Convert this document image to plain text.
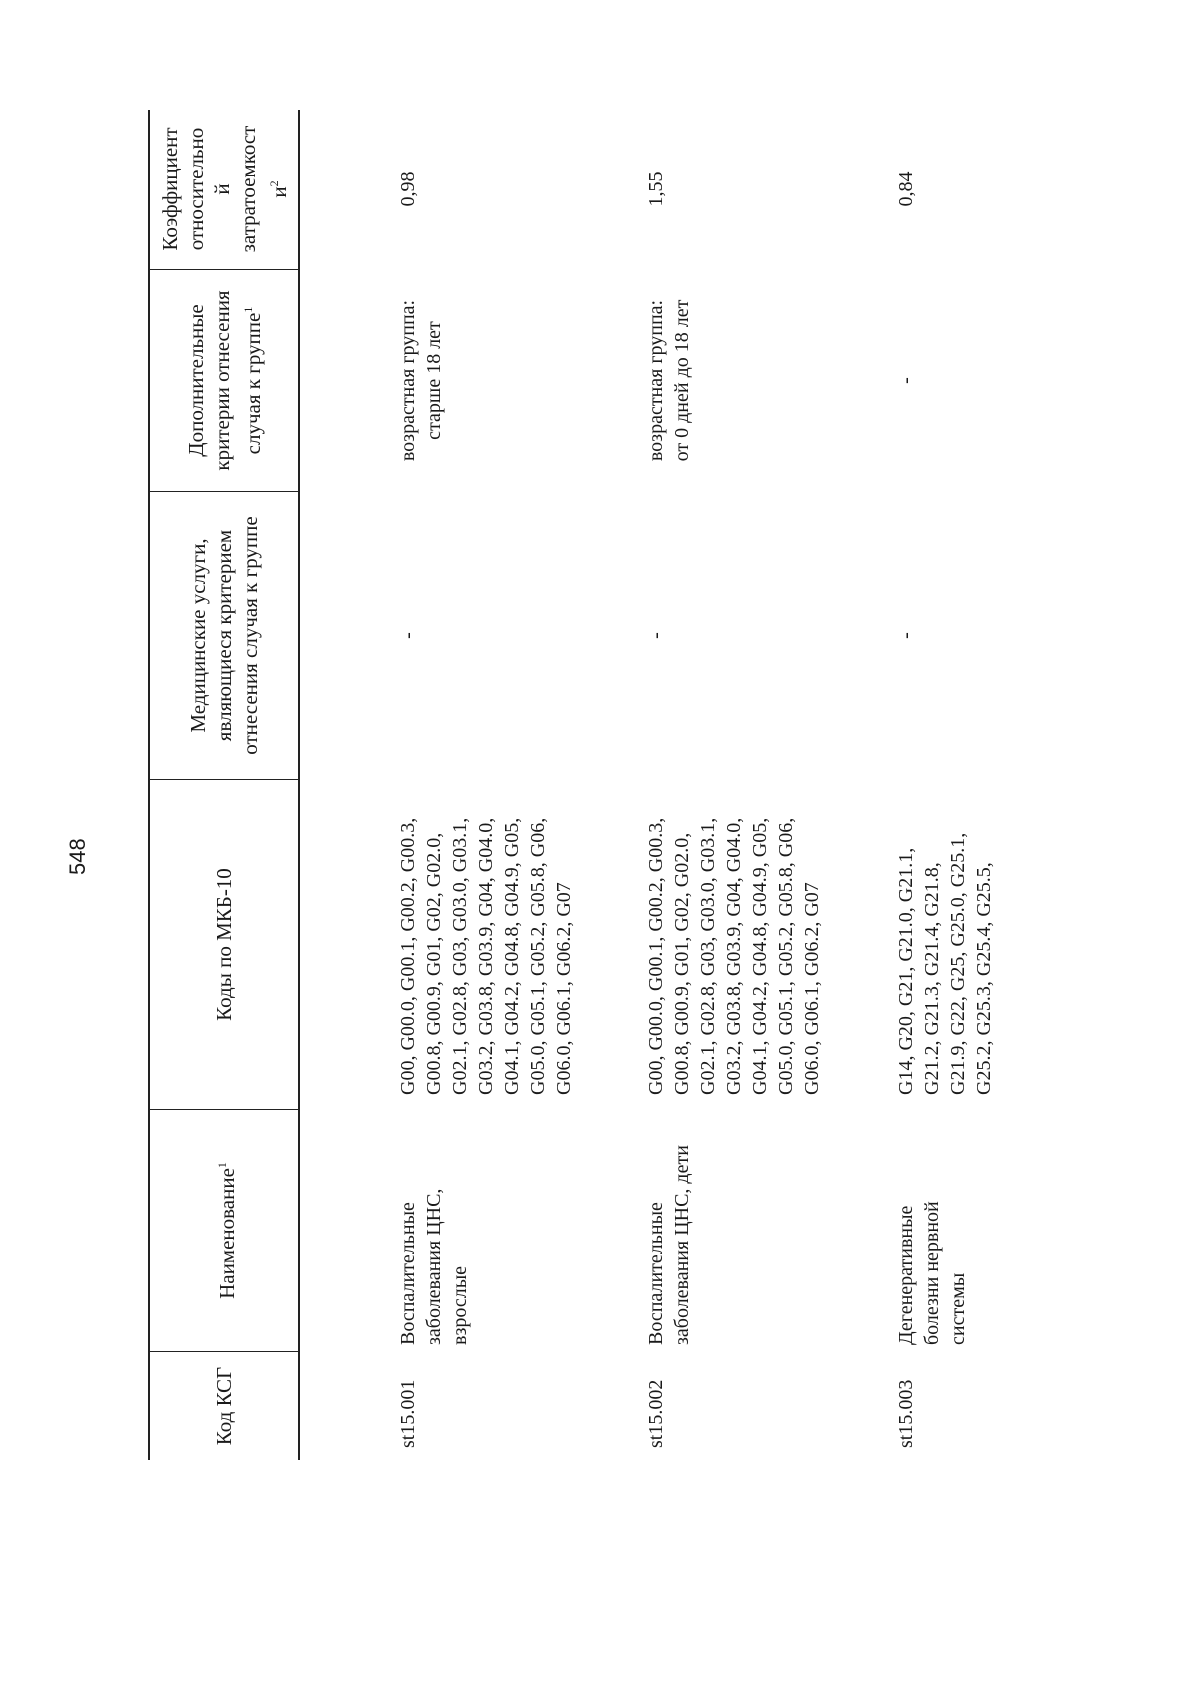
548
Код КСГ
Наименование$^1$
Коды по МКБ-10
Медицинские услуги, являющиеся критерием отнесения случая к группе
Дополнительные критерии отнесения случая к группе$^1$
Коэффициент относительно й затратоемкост $и^2$
st15.001
Воспалительные заболевания ЦНС, взрослые
G00, G00.0, G00.1, G00.2, G00.3, G00.8, G00.9, G01, G02, G02.0, G02.1, G02.8, G03, G03.0, G03.1, G03.2, G03.8, G03.9, G04, G04.0, G04.1, G04.2, G04.8, G04.9, G05, G05.0, G05.1, G05.2, G05.8, G06, G06.0, G06.1, G06.2, G07
-
возрастная группа: старше 18 лет
0,98
st15.002
Воспалительные заболевания ЦНС, дети
G00, G00.0, G00.1, G00.2, G00.3, G00.8, G00.9, G01, G02, G02.0, G02.1, G02.8, G03, G03.0, G03.1, G03.2, G03.8, G03.9, G04, G04.0, G04.1, G04.2, G04.8, G04.9, G05, G05.0, G05.1, G05.2, G05.8, G06, G06.0, G06.1, G06.2, G07
-
возрастная группа: от 0 дней до 18 лет
1,55
st15.003
Дегенеративные болезни нервной системы
G14, G20, G21, G21.0, G21.1, G21.2, G21.3, G21.4, G21.8, G21.9, G22, G25, G25.0, G25.1, G25.2, G25.3, G25.4, G25.5,
-
-
0,84
